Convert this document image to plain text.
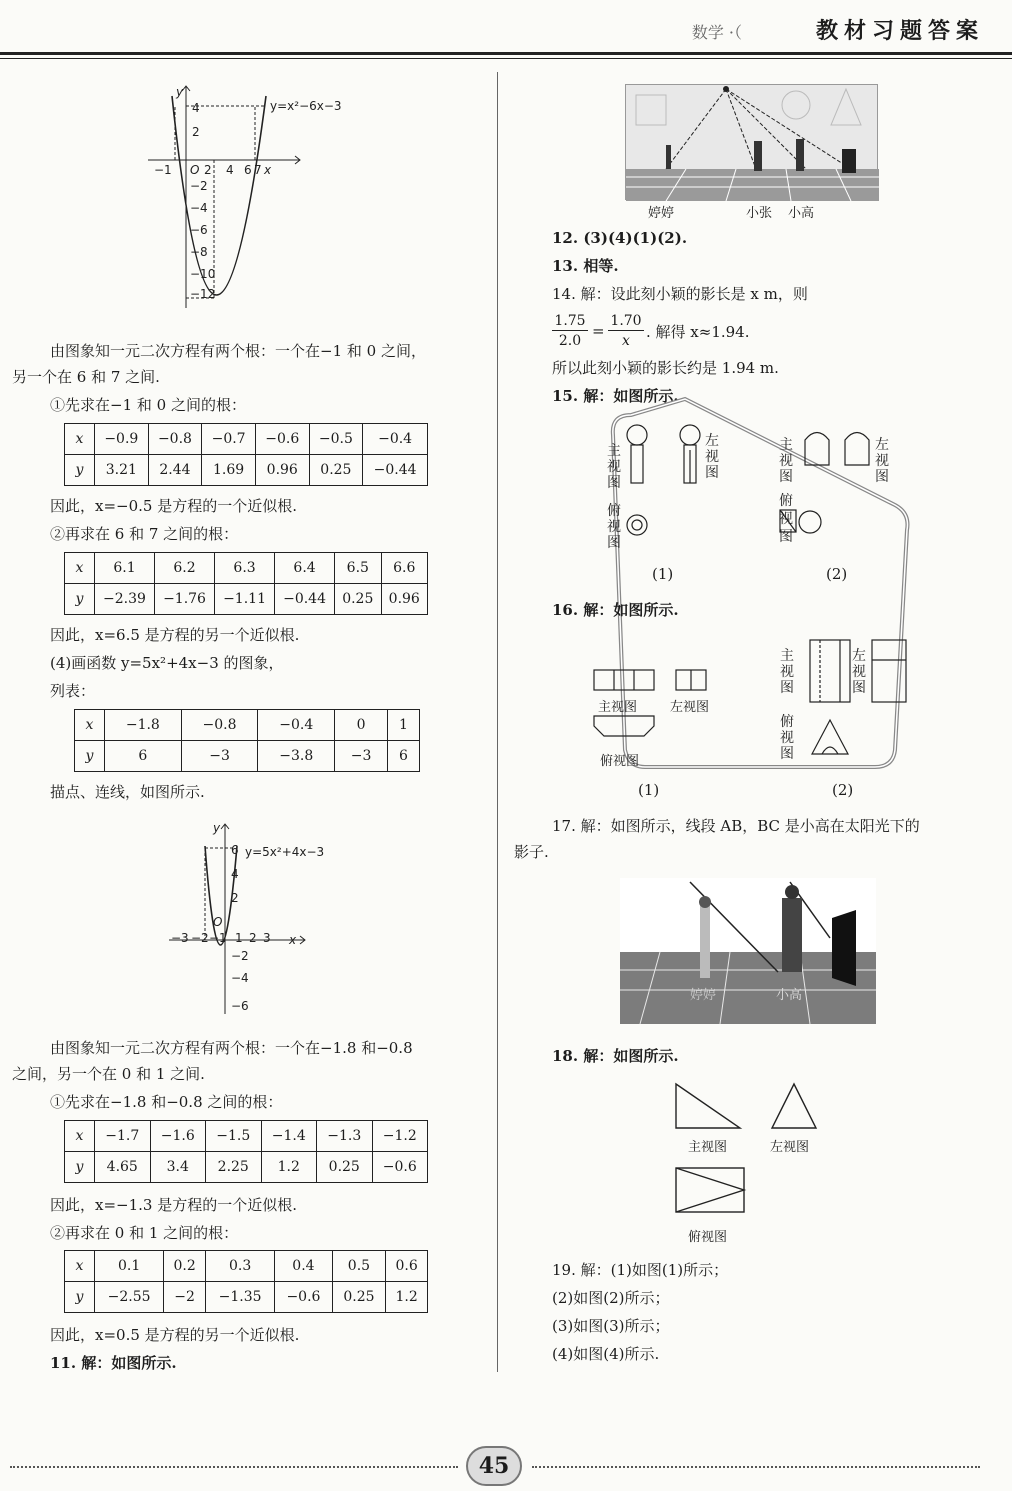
数学 ·（	教材习题答案
y
4
2
−1 O 2 4 6 7 x
−2
−4
−6
−8
−10
−12
y=x²−6x−3
由图象知一元二次方程有两个根：一个在−1 和 0 之间，
另一个在 6 和 7 之间.
①先求在−1 和 0 之间的根：
x	−0.9	−0.8	−0.7	−0.6	−0.5	−0.4
y	3.21	2.44	1.69	0.96	0.25	−0.44
因此，x=−0.5 是方程的一个近似根.
②再求在 6 和 7 之间的根：
x	6.1	6.2	6.3	6.4	6.5	6.6
y	−2.39	−1.76	−1.11	−0.44	0.25	0.96
因此，x=6.5 是方程的另一个近似根.
(4)画函数 y=5x²+4x−3 的图象，
列表：
x	−1.8	−0.8	−0.4	0	1
y	6	−3	−3.8	−3	6
描点、连线，如图所示.
y
6
4
2
O
−3 −2 −1 1 2 3 x
−2
−4
−6
y=5x²+4x−3
由图象知一元二次方程有两个根：一个在−1.8 和−0.8
之间，另一个在 0 和 1 之间.
①先求在−1.8 和−0.8 之间的根：
x	−1.7	−1.6	−1.5	−1.4	−1.3	−1.2
y	4.65	3.4	2.25	1.2	0.25	−0.6
因此，x=−1.3 是方程的一个近似根.
②再求在 0 和 1 之间的根：
x	0.1	0.2	0.3	0.4	0.5	0.6
y	−2.55	−2	−1.35	−0.6	0.25	1.2
因此，x=0.5 是方程的另一个近似根.
11. 解：如图所示.
婷婷	小张 小高
12. (3)(4)(1)(2).
13. 相等.
14. 解：设此刻小颖的影长是 x m，则
1.75
2.0
=
1.70
x	. 解得 x≈1.94.
所以此刻小颖的影长约是 1.94 m.
15. 解：如图所示.
主
视
图
俯
视
图
左
视
图
主
视
图
左
视
图
俯
视
图
(1)	(2)
16. 解：如图所示.
主
视
图
左
视
图
俯
视
图
主视图	左视图
俯视图
(1)	(2)
17. 解：如图所示，线段 AB，BC 是小高在太阳光下的
影子.
婷婷	小高
18. 解：如图所示.
主视图	左视图
俯视图
19. 解：(1)如图(1)所示；
(2)如图(2)所示；
(3)如图(3)所示；
(4)如图(4)所示.
45
